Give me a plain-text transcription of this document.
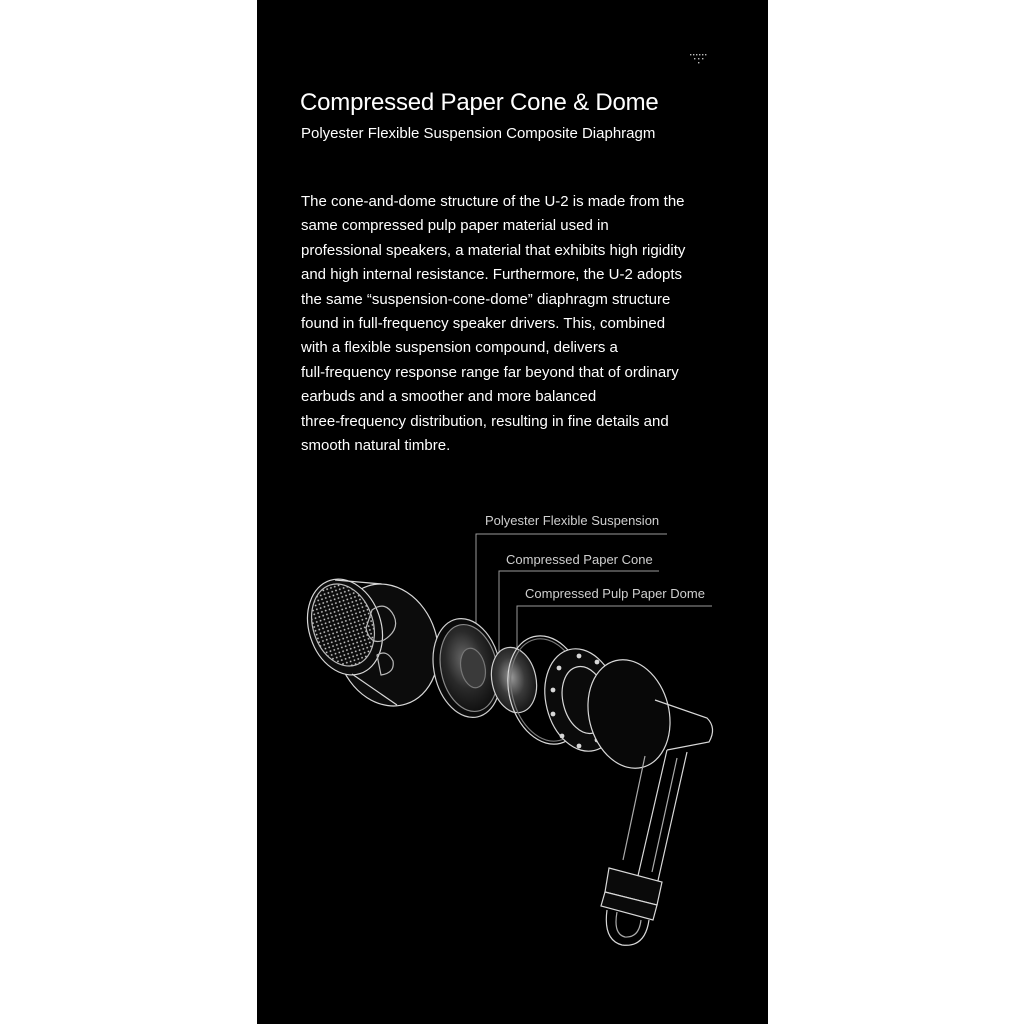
Compressed Paper Cone & Dome

Polyester Flexible Suspension Composite Diaphragm

The cone-and-dome structure of the U-2 is made from the
same compressed pulp paper material used in
professional speakers, a material that exhibits high rigidity
and high internal resistance. Furthermore, the U-2 adopts
the same “suspension-cone-dome” diaphragm structure
found in full-frequency speaker drivers. This, combined
with a flexible suspension compound, delivers a
full-frequency response range far beyond that of ordinary
earbuds and a smoother and more balanced
three-frequency distribution, resulting in fine details and
smooth natural timbre.
Polyester Flexible Suspension
Compressed Paper Cone
Compressed Pulp Paper Dome
